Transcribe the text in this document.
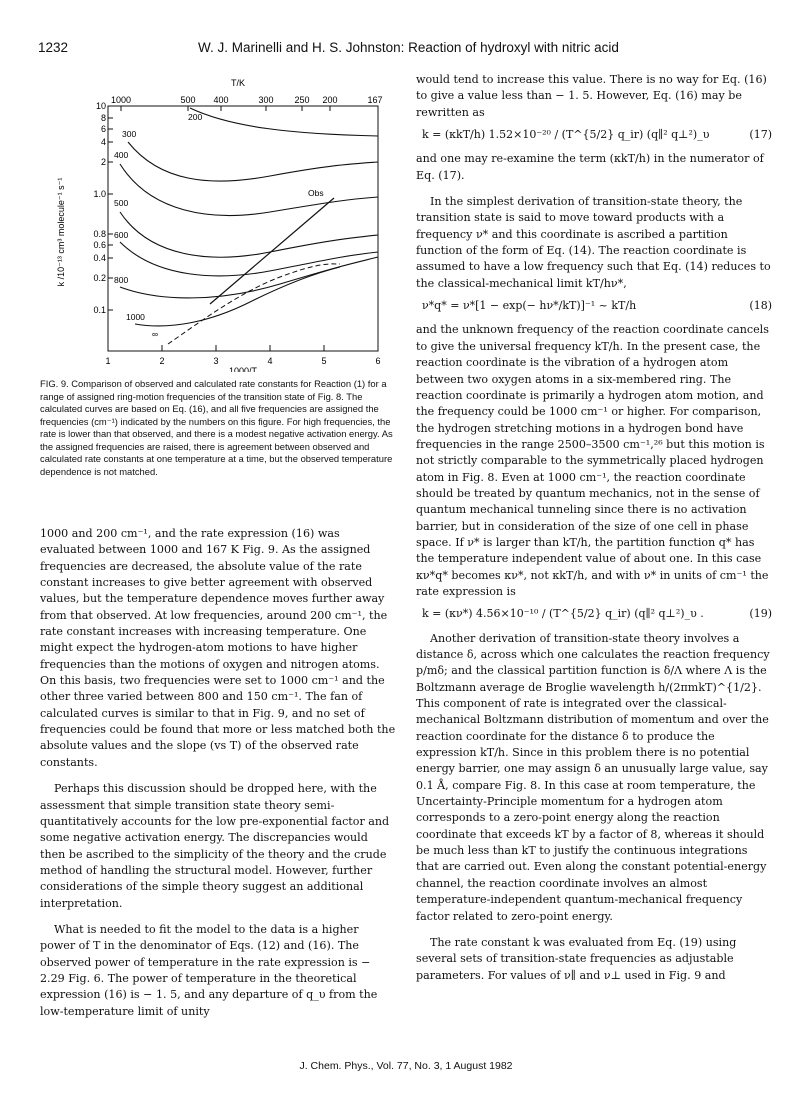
1232	W. J. Marinelli and H. S. Johnston: Reaction of hydroxyl with nitric acid
T/K
1000	500 400	300 250 200	167
10
8
6
4
2
1.0
0.8
0.6
0.4
0.2
0.1
k /10⁻¹³ cm³ molecule⁻¹ s⁻¹
1	2	3	4	5	6
1000/T
200
300
400
500
600
800
1000
∞
Obs
FIG. 9. Comparison of observed and calculated rate constants for Reaction (1) for a range of assigned ring-motion frequencies of the transition state of Fig. 8. The calculated curves are based on Eq. (16), and all five frequencies are assigned the frequencies (cm⁻¹) indicated by the numbers on this figure. For high frequencies, the rate is lower than that observed, and there is a modest negative activation energy. As the assigned frequencies are raised, there is agreement between observed and calculated rate constants at one temperature at a time, but the observed temperature dependence is not matched.

1000 and 200 cm⁻¹, and the rate expression (16) was evaluated between 1000 and 167 K Fig. 9. As the assigned frequencies are decreased, the absolute value of the rate constant increases to give better agreement with observed values, but the temperature dependence moves further away from that observed. At low frequencies, around 200 cm⁻¹, the rate constant increases with increasing temperature. One might expect the hydrogen-atom motions to have higher frequencies than the motions of oxygen and nitrogen atoms. On this basis, two frequencies were set to 1000 cm⁻¹ and the other three varied between 800 and 150 cm⁻¹. The fan of calculated curves is similar to that in Fig. 9, and no set of frequencies could be found that more or less matched both the absolute values and the slope (vs T) of the observed rate constants.

Perhaps this discussion should be dropped here, with the assessment that simple transition state theory semi-quantitatively accounts for the low pre-exponential factor and some negative activation energy. The discrepancies would then be ascribed to the simplicity of the theory and the crude method of handling the structural model. However, further considerations of the simple theory suggest an additional interpretation.

What is needed to fit the model to the data is a higher power of T in the denominator of Eqs. (12) and (16). The observed power of temperature in the rate expression is − 2.29 Fig. 6. The power of temperature in the theoretical expression (16) is − 1. 5, and any departure of q_υ from the low-temperature limit of unity

would tend to increase this value. There is no way for Eq. (16) to give a value less than − 1. 5. However, Eq. (16) may be rewritten as

k = (κkT/h) 1.52×10⁻²⁰ / (T^{5/2} q_ir) (q∥² q⊥²)_υ	(17)

and one may re-examine the term (κkT/h) in the numerator of Eq. (17).

In the simplest derivation of transition-state theory, the transition state is said to move toward products with a frequency ν* and this coordinate is ascribed a partition function of the form of Eq. (14). The reaction coordinate is assumed to have a low frequency such that Eq. (14) reduces to the classical-mechanical limit kT/hν*,

ν*q* = ν*[1 − exp(− hν*/kT)]⁻¹ ~ kT/h	(18)

and the unknown frequency of the reaction coordinate cancels to give the universal frequency kT/h. In the present case, the reaction coordinate is the vibration of a hydrogen atom between two oxygen atoms in a six-membered ring. The reaction coordinate is primarily a hydrogen atom motion, and the frequency could be 1000 cm⁻¹ or higher. For comparison, the hydrogen stretching motions in a hydrogen bond have frequencies in the range 2500–3500 cm⁻¹,²⁶ but this motion is not strictly comparable to the symmetrically placed hydrogen atom in Fig. 8. Even at 1000 cm⁻¹, the reaction coordinate should be treated by quantum mechanics, not in the sense of quantum mechanical tunneling since there is no activation barrier, but in consideration of the size of one cell in phase space. If ν* is larger than kT/h, the partition function q* has the temperature independent value of about one. In this case κν*q* becomes κν*, not κkT/h, and with ν* in units of cm⁻¹ the rate expression is

k = (κν*) 4.56×10⁻¹⁰ / (T^{5/2} q_ir) (q∥² q⊥²)_υ .	(19)

Another derivation of transition-state theory involves a distance δ, across which one calculates the reaction frequency p/mδ; and the classical partition function is δ/Λ where Λ is the Boltzmann average de Broglie wavelength h/(2πmkT)^{1/2}. This component of rate is integrated over the classical-mechanical Boltzmann distribution of momentum and over the reaction coordinate for the distance δ to produce the expression kT/h. Since in this problem there is no potential energy barrier, one may assign δ an unusually large value, say 0.1 Å, compare Fig. 8. In this case at room temperature, the Uncertainty-Principle momentum for a hydrogen atom corresponds to a zero-point energy along the reaction coordinate that exceeds kT by a factor of 8, whereas it should be much less than kT to justify the continuous integrations that are carried out. Even along the constant potential-energy channel, the reaction coordinate involves an almost temperature-independent quantum-mechanical frequency factor related to zero-point energy.

The rate constant k was evaluated from Eq. (19) using several sets of transition-state frequencies as adjustable parameters. For values of ν∥ and ν⊥ used in Fig. 9 and

J. Chem. Phys., Vol. 77, No. 3, 1 August 1982
